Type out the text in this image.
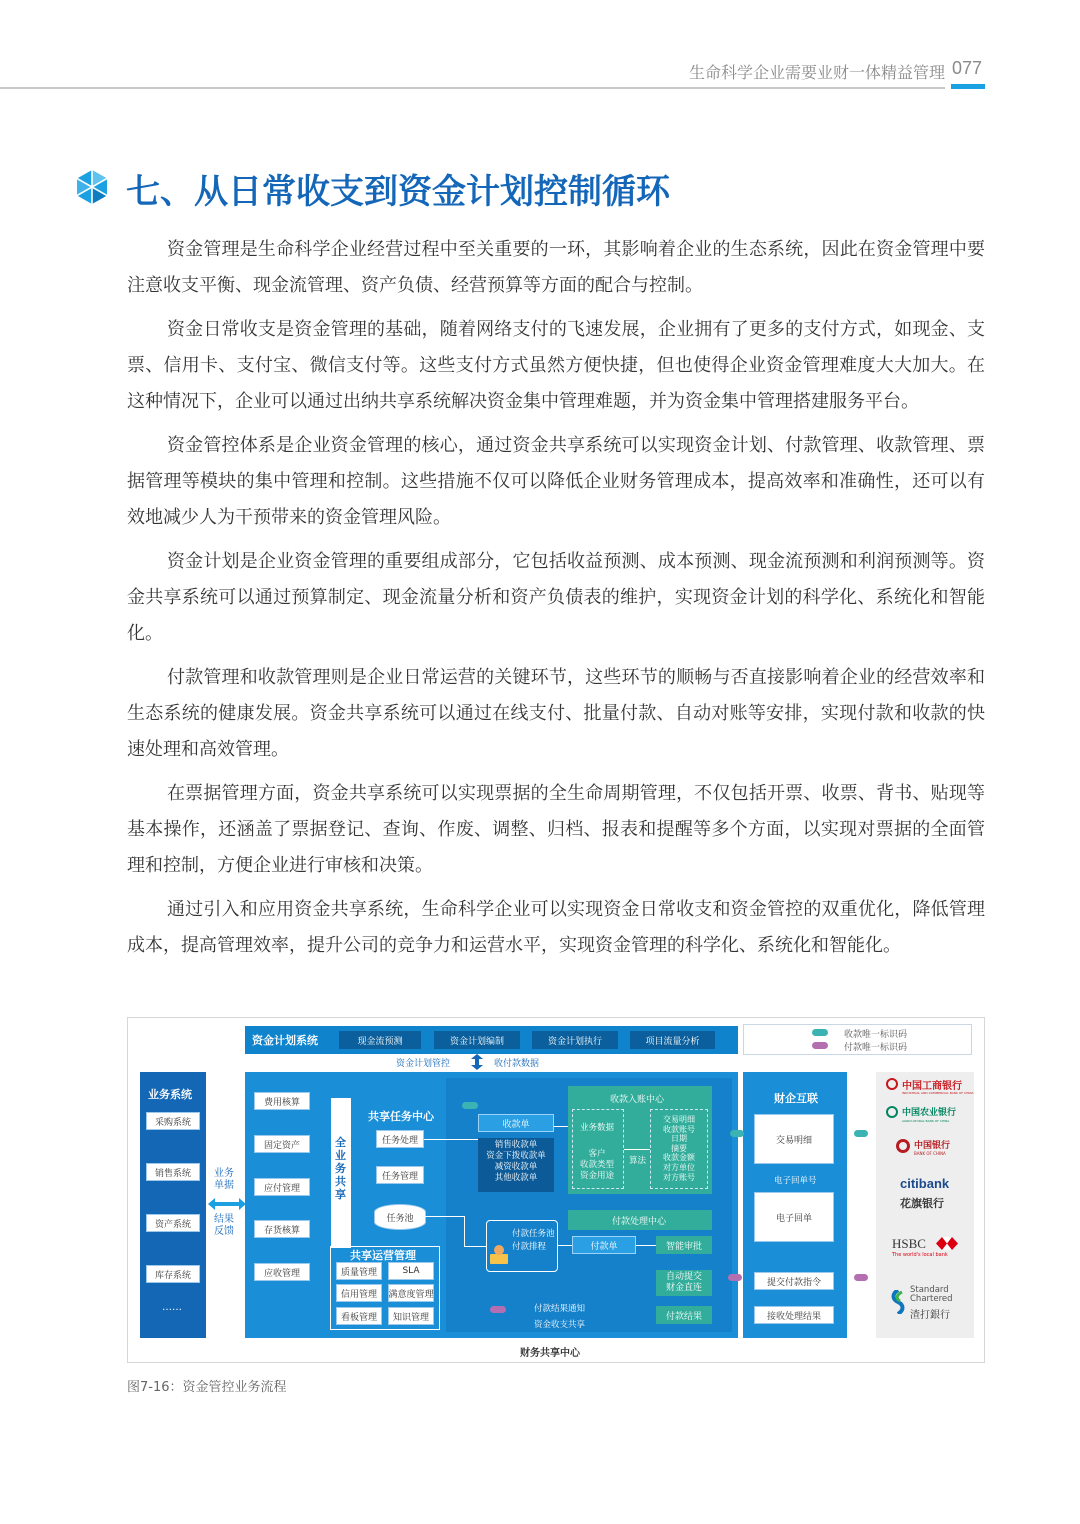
生命科学企业需要业财一体精益管理 077
七、从日常收支到资金计划控制循环

资金管理是生命科学企业经营过程中至关重要的一环，其影响着企业的生态系统，因此在资金管理中要注意收支平衡、现金流管理、资产负债、经营预算等方面的配合与控制。

资金日常收支是资金管理的基础，随着网络支付的飞速发展，企业拥有了更多的支付方式，如现金、支票、信用卡、支付宝、微信支付等。这些支付方式虽然方便快捷，但也使得企业资金管理难度大大加大。在这种情况下，企业可以通过出纳共享系统解决资金集中管理难题，并为资金集中管理搭建服务平台。

资金管控体系是企业资金管理的核心，通过资金共享系统可以实现资金计划、付款管理、收款管理、票据管理等模块的集中管理和控制。这些措施不仅可以降低企业财务管理成本，提高效率和准确性，还可以有效地减少人为干预带来的资金管理风险。

资金计划是企业资金管理的重要组成部分，它包括收益预测、成本预测、现金流预测和利润预测等。资金共享系统可以通过预算制定、现金流量分析和资产负债表的维护，实现资金计划的科学化、系统化和智能化。

付款管理和收款管理则是企业日常运营的关键环节，这些环节的顺畅与否直接影响着企业的经营效率和生态系统的健康发展。资金共享系统可以通过在线支付、批量付款、自动对账等安排，实现付款和收款的快速处理和高效管理。

在票据管理方面，资金共享系统可以实现票据的全生命周期管理，不仅包括开票、收票、背书、贴现等基本操作，还涵盖了票据登记、查询、作废、调整、归档、报表和提醒等多个方面，以实现对票据的全面管理和控制，方便企业进行审核和决策。

通过引入和应用资金共享系统，生命科学企业可以实现资金日常收支和资金管控的双重优化，降低管理成本，提高管理效率，提升公司的竞争力和运营水平，实现资金管理的科学化、系统化和智能化。

资金计划系统	现金流预测	资金计划编制	资金计划执行	项目流量分析
收款唯一标识码
付款唯一标识码
资金计划管控	收付款数据
业务系统
采购系统
销售系统
资产系统
库存系统
……
业务
单据
结果
反馈
费用核算
固定资产
应付管理
存货核算
应收管理
全业务共享
共享任务中心
任务处理
任务管理
任务池
共享运营管理
质量管理	SLA
信用管理	满意度管理
看板管理	知识管理
收款单
销售收款单
资金下拨收款单
减资收款单
其他收款单
收款入账中心
业务数据
客户
收款类型
资金用途
算法
交易明细
收款账号
日期
摘要
收款金额
对方单位
对方账号
付款任务池
付款排程
付款处理中心
付款单	智能审批
自动提交
财金直连
付款结果
付款结果通知
资金收支共享
财务共享中心
财企互联
交易明细
电子回单号
电子回单
提交付款指令
接收处理结果
中国工商银行
INDUSTRIAL AND COMMERCIAL BANK OF CHINA
中国农业银行
AGRICULTURAL BANK OF CHINA
中国银行
BANK OF CHINA
citibank
花旗银行
HSBC
The world's local bank
Standard Chartered
渣打銀行
图7-16：资金管控业务流程
